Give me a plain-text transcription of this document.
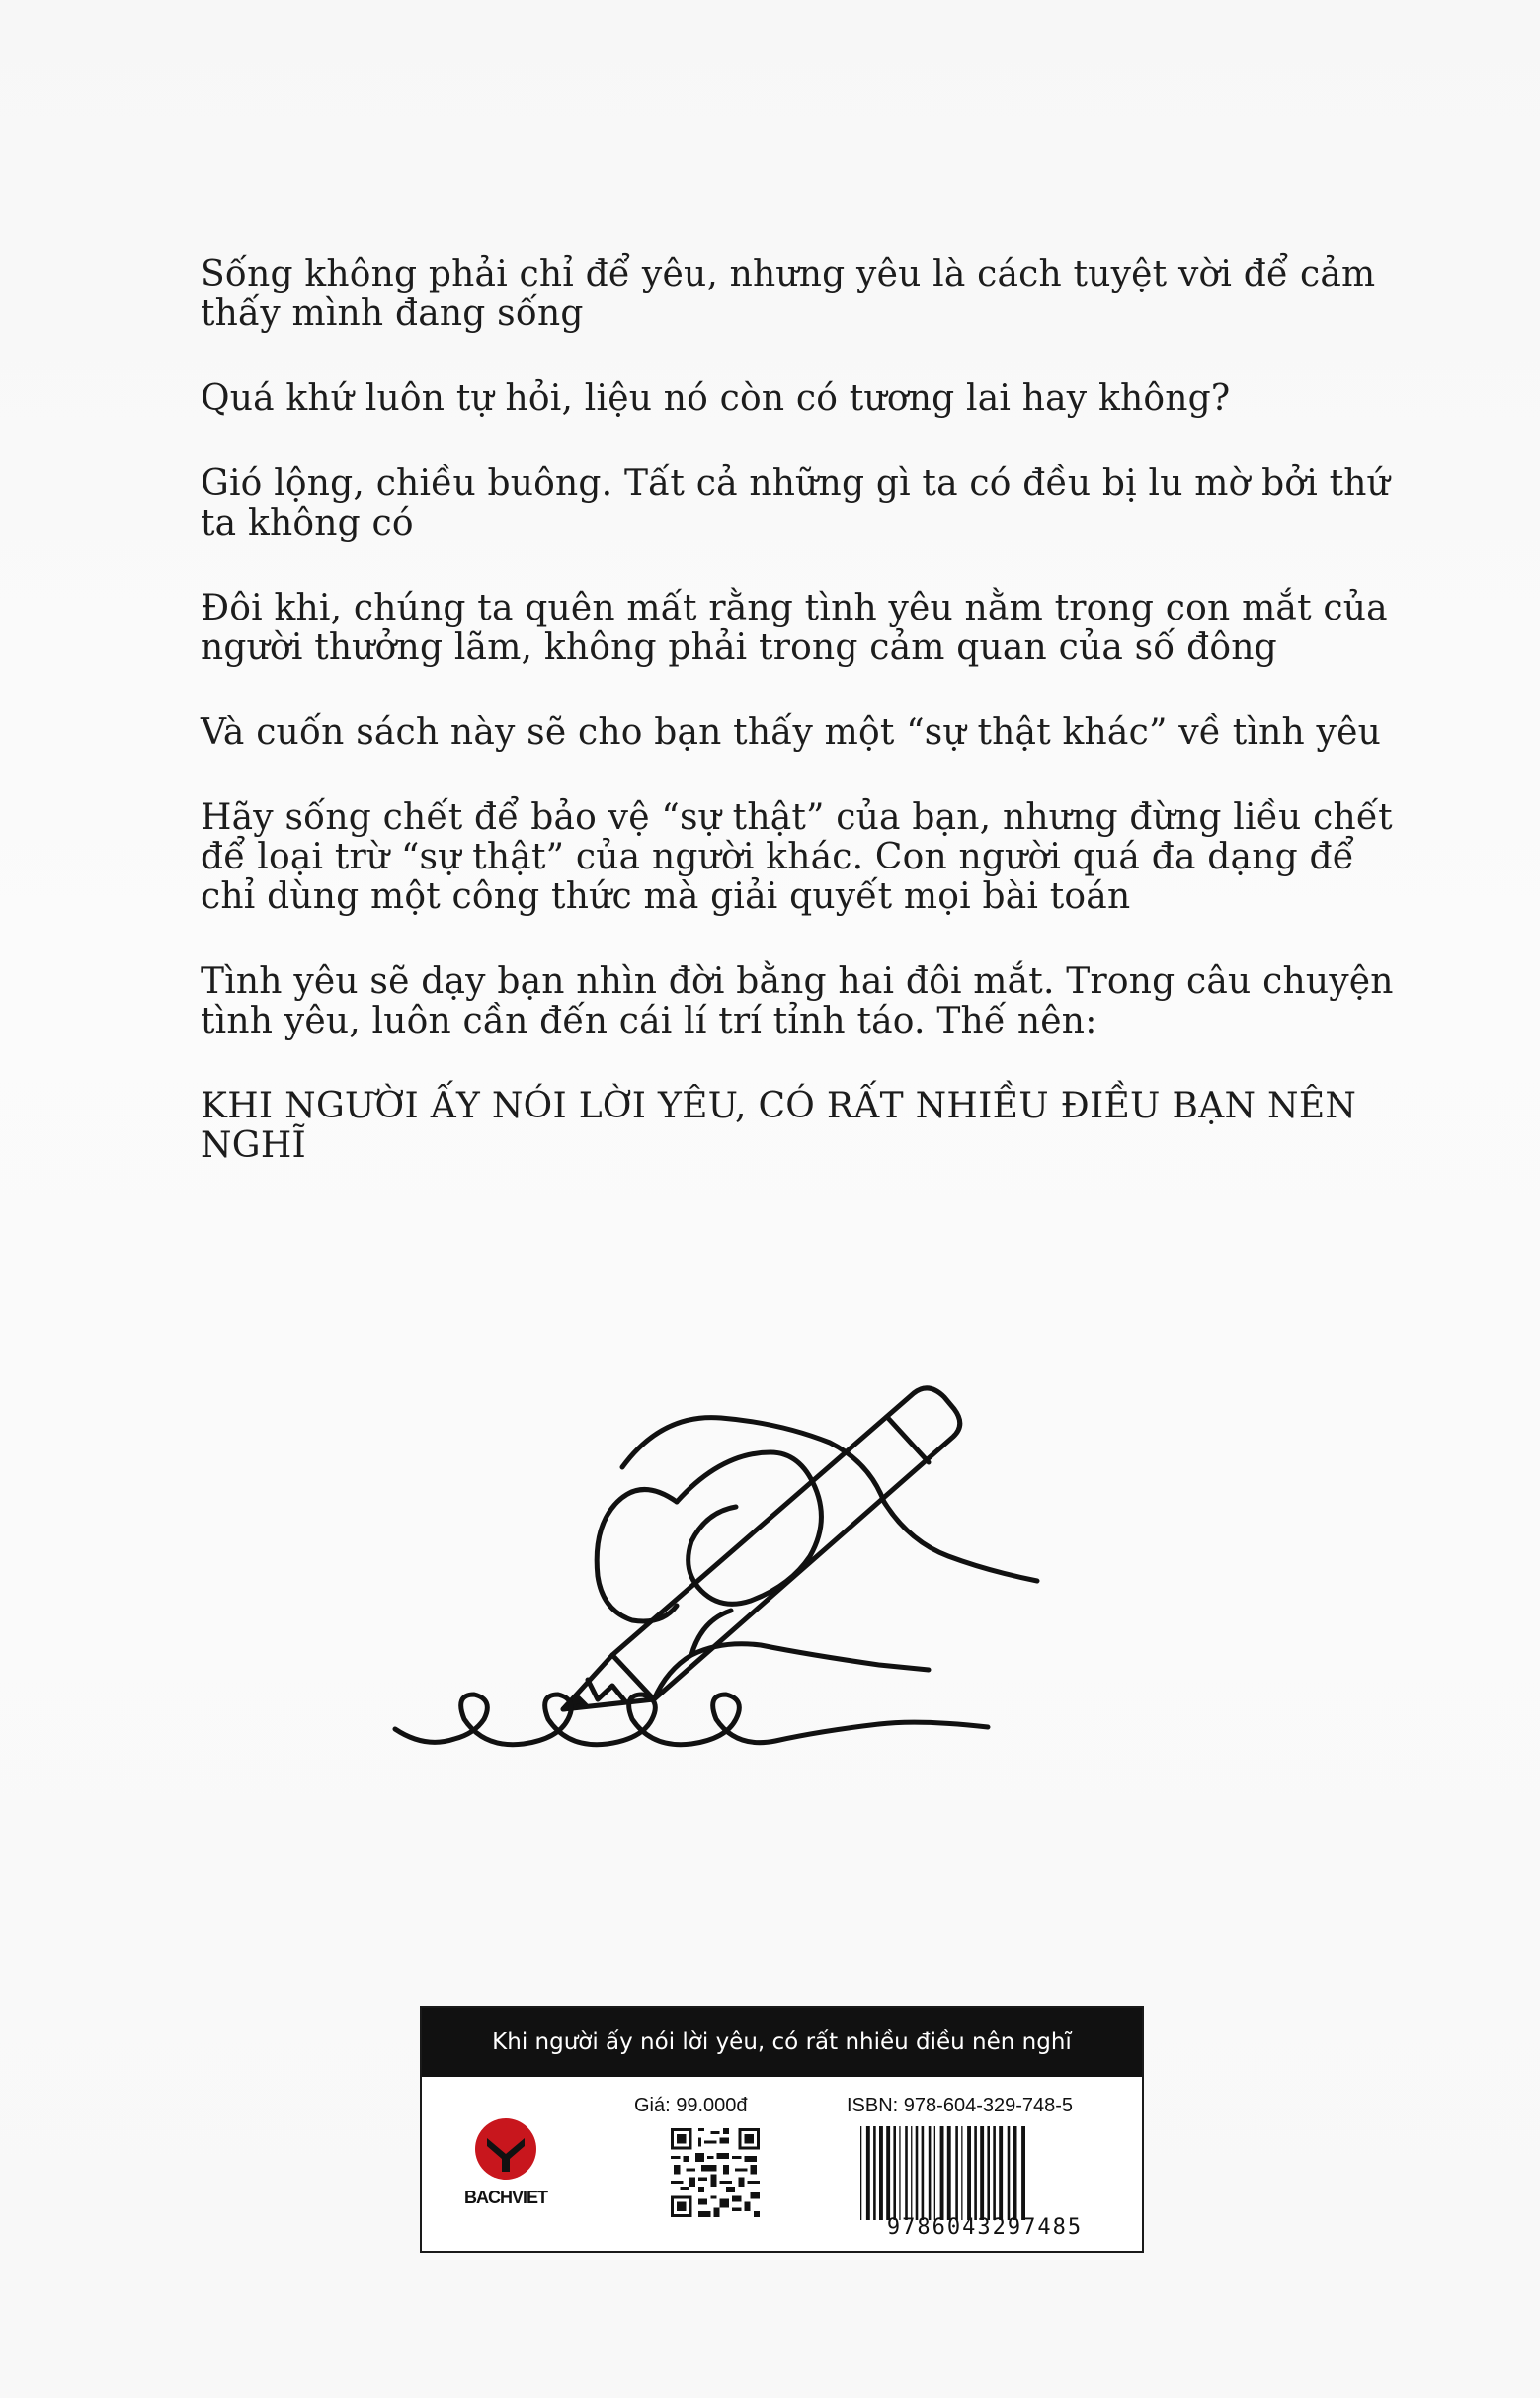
Sống không phải chỉ để yêu, nhưng yêu là cách tuyệt vời để cảm thấy mình đang sống

Quá khứ luôn tự hỏi, liệu nó còn có tương lai hay không?

Gió lộng, chiều buông. Tất cả những gì ta có đều bị lu mờ bởi thứ ta không có

Đôi khi, chúng ta quên mất rằng tình yêu nằm trong con mắt của người thưởng lãm, không phải trong cảm quan của số đông

Và cuốn sách này sẽ cho bạn thấy một “sự thật khác” về tình yêu

Hãy sống chết để bảo vệ “sự thật” của bạn, nhưng đừng liều chết để loại trừ “sự thật” của người khác. Con người quá đa dạng để chỉ dùng một công thức mà giải quyết mọi bài toán

Tình yêu sẽ dạy bạn nhìn đời bằng hai đôi mắt. Trong câu chuyện tình yêu, luôn cần đến cái lí trí tỉnh táo. Thế nên:

KHI NGƯỜI ẤY NÓI LỜI YÊU, CÓ RẤT NHIỀU ĐIỀU BẠN NÊN NGHĨ

Khi người ấy nói lời yêu, có rất nhiều điều nên nghĩ
BACHVIET
Giá: 99.000đ	ISBN: 978-604-329-748-5
9786043297485
